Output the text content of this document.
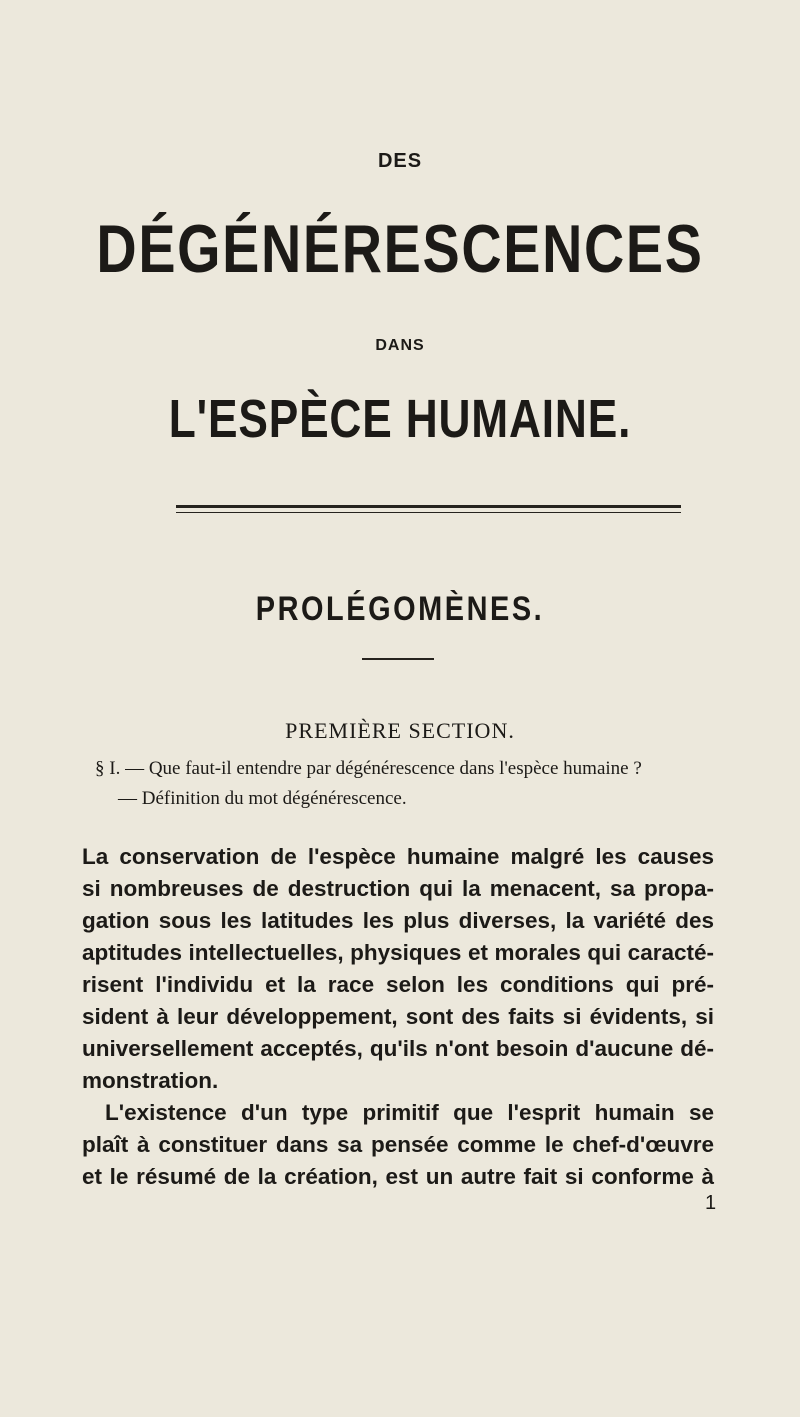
DES
DÉGÉNÉRESCENCES
DANS
L'ESPÈCE HUMAINE.
PROLÉGOMÈNES.
PREMIÈRE SECTION.
§ I. — Que faut-il entendre par dégénérescence dans l'espèce humaine ?
— Définition du mot dégénérescence.
La conservation de l'espèce humaine malgré les causes
si nombreuses de destruction qui la menacent, sa propa-
gation sous les latitudes les plus diverses, la variété des
aptitudes intellectuelles, physiques et morales qui caracté-
risent l'individu et la race selon les conditions qui pré-
sident à leur développement, sont des faits si évidents, si
universellement acceptés, qu'ils n'ont besoin d'aucune dé-
monstration.
L'existence d'un type primitif que l'esprit humain se
plaît à constituer dans sa pensée comme le chef-d'œuvre
et le résumé de la création, est un autre fait si conforme à
1
